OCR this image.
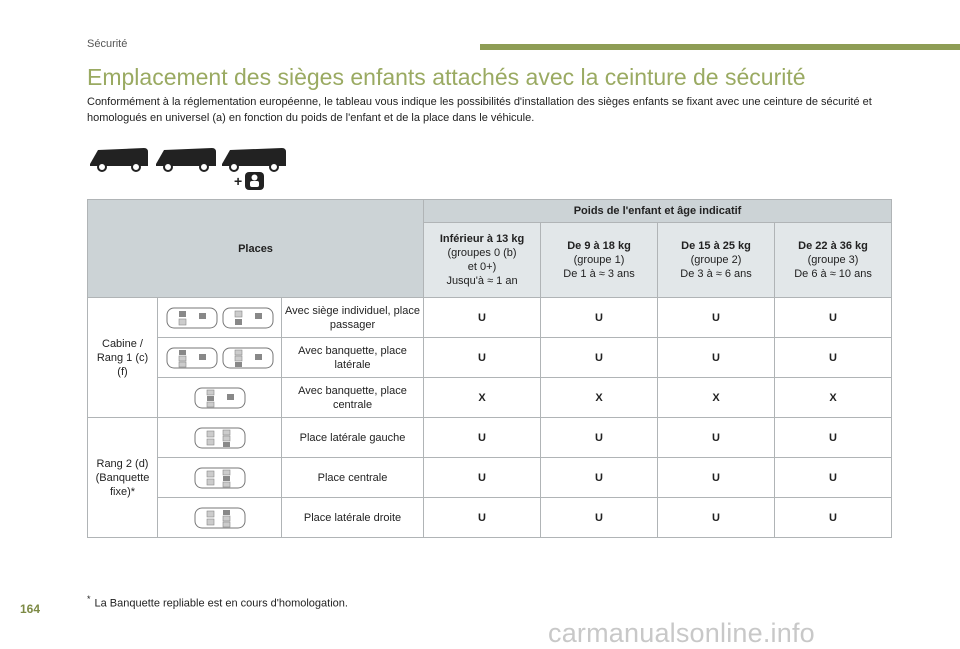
Sécurité
Emplacement des sièges enfants attachés avec la ceinture de sécurité

Conformément à la réglementation européenne, le tableau vous indique les possibilités d'installation des sièges enfants se fixant avec une ceinture de sécurité et homologués en universel (a) en fonction du poids de l'enfant et de la place dans le véhicule.

+
Places			Poids de l'enfant et âge indicatif			
			Inférieur à 13 kg
(groupes 0 (b)
et 0+)
Jusqu'à ≈ 1 an	De 9 à 18 kg
(groupe 1)
De 1 à ≈ 3 ans	De 15 à 25 kg
(groupe 2)
De 3 à ≈ 6 ans	De 22 à 36 kg
(groupe 3)
De 6 à ≈ 10 ans
Cabine / Rang 1 (c) (f)		Avec siège individuel, place passager	U	U	U	U

	Avec banquette, place latérale	U	U	U	U

	Avec banquette, place centrale	X	X	X	X
Rang 2 (d) (Banquette fixe)*		Place latérale gauche	U	U	U	U

	Place centrale	U	U	U	U

	Place latérale droite	U	U	U	U
* La Banquette repliable est en cours d'homologation.
164
carmanualsonline.info
